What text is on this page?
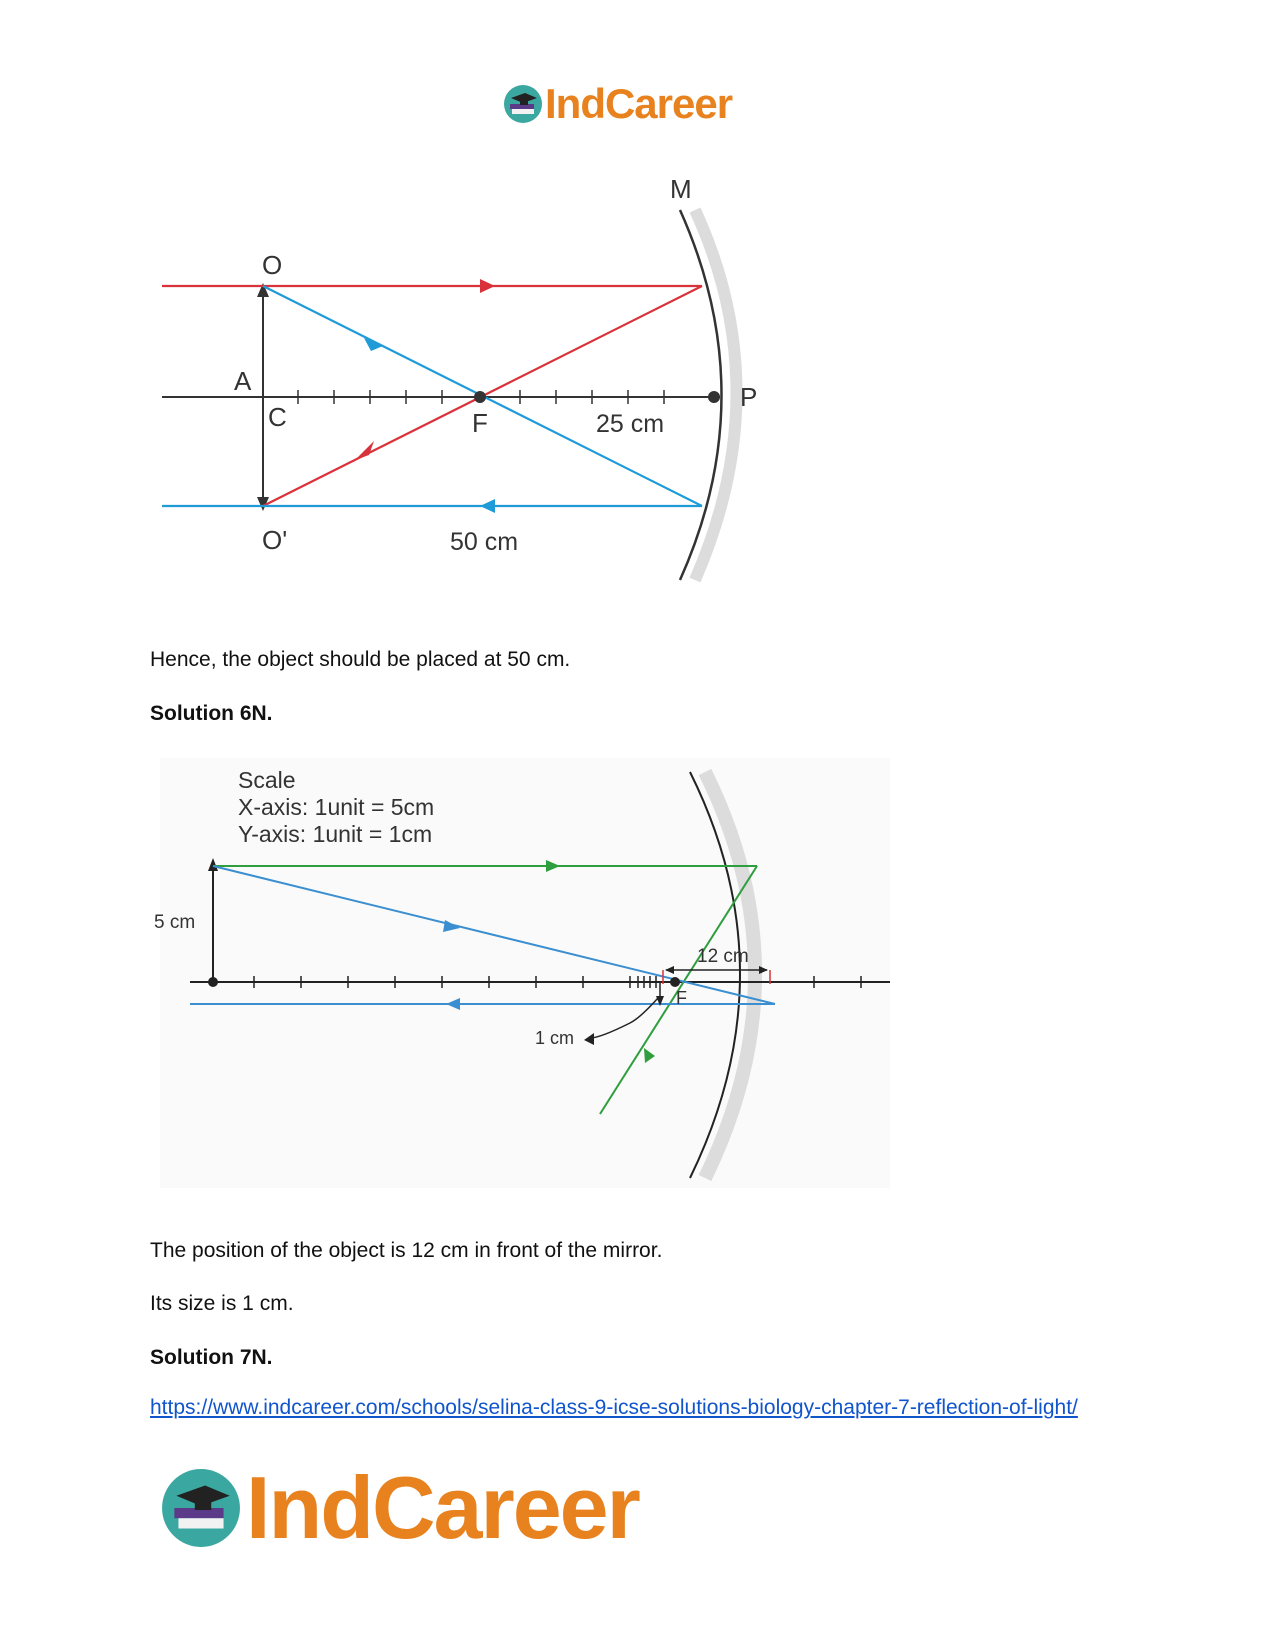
IndCareer
M
O
A
C	F
P
O'
25 cm
50 cm
Hence, the object should be placed at 50 cm.
Solution 6N.
Scale
X-axis: 1unit = 5cm
Y-axis: 1unit = 1cm
F
12 cm
5 cm
1 cm
The position of the object is 12 cm in front of the mirror.
Its size is 1 cm.
Solution 7N.
https://www.indcareer.com/schools/selina-class-9-icse-solutions-biology-chapter-7-reflection-of-light/
IndCareer
